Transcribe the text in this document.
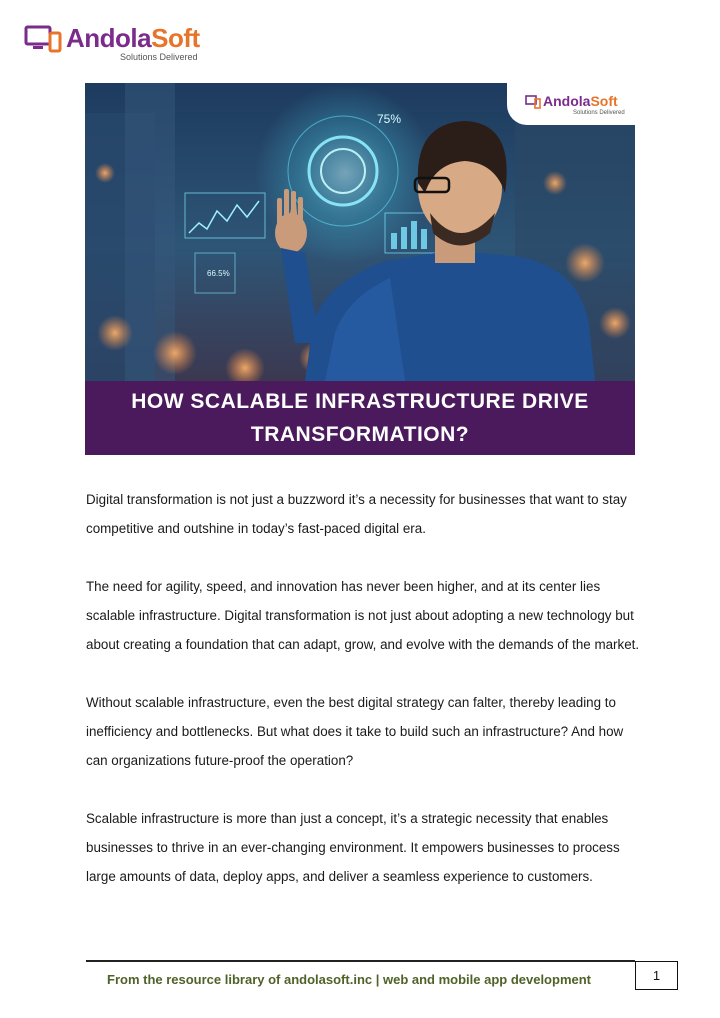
AndolaSoft
Solutions Delivered
75%
66.5%
AndolaSoft
Solutions Delivered
HOW SCALABLE INFRASTRUCTURE DRIVE TRANSFORMATION?

Digital transformation is not just a buzzword it’s a necessity for businesses that want to stay competitive and outshine in today’s fast-paced digital era.

The need for agility, speed, and innovation has never been higher, and at its center lies scalable infrastructure. Digital transformation is not just about adopting a new technology but about creating a foundation that can adapt, grow, and evolve with the demands of the market.

Without scalable infrastructure, even the best digital strategy can falter, thereby leading to inefficiency and bottlenecks. But what does it take to build such an infrastructure? And how can organizations future-proof the operation?

Scalable infrastructure is more than just a concept, it’s a strategic necessity that enables businesses to thrive in an ever-changing environment. It empowers businesses to process large amounts of data, deploy apps, and deliver a seamless experience to customers.

From the resource library of andolasoft.inc | web and mobile app development	1
